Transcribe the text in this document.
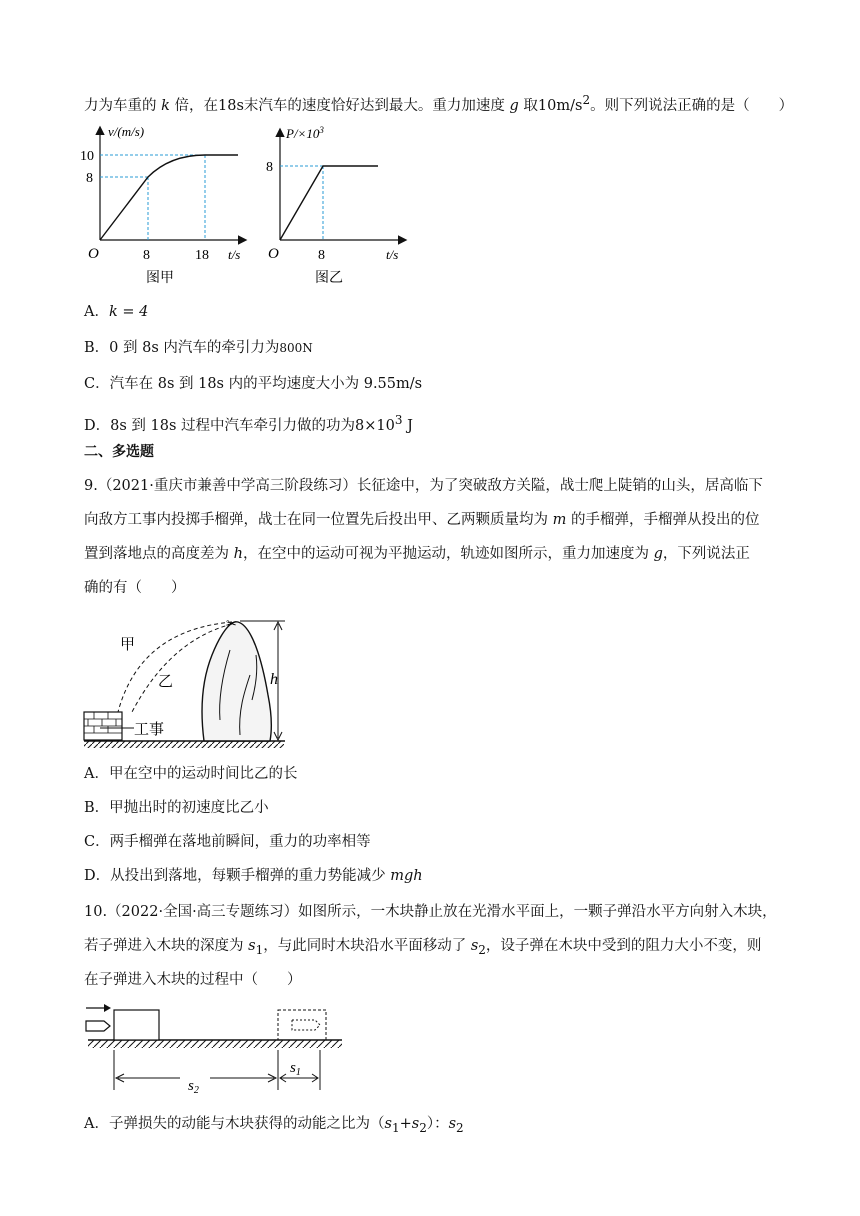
力为车重的 k 倍，在18s末汽车的速度恰好达到最大。重力加速度 g 取$10m/s^2$。则下列说法正确的是（　　）
v/(m/s)
10
8
O	8	18 t/s
图甲
$P/\times 10^3$
8
O	8	t/s
图乙
A．k = 4
B．0 到 8s 内汽车的牵引力为800N
C．汽车在 8s 到 18s 内的平均速度大小为 9.55m/s
D．8s 到 18s 过程中汽车牵引力做的功为$8\times 10^3$ J
二、多选题
9.（2021·重庆市兼善中学高三阶段练习）长征途中，为了突破敌方关隘，战士爬上陡销的山头，居高临下
向敌方工事内投掷手榴弹，战士在同一位置先后投出甲、乙两颗质量均为 m 的手榴弹，手榴弹从投出的位
置到落地点的高度差为 h，在空中的运动可视为平抛运动，轨迹如图所示，重力加速度为 g，下列说法正
确的有（　　）
✂
甲
乙	h
工事
A．甲在空中的运动时间比乙的长
B．甲抛出时的初速度比乙小
C．两手榴弹在落地前瞬间，重力的功率相等
D．从投出到落地，每颗手榴弹的重力势能减少 mgh
10.（2022·全国·高三专题练习）如图所示，一木块静止放在光滑水平面上，一颗子弹沿水平方向射入木块，
若子弹进入木块的深度为 $s_1$，与此同时木块沿水平面移动了 $s_2$，设子弹在木块中受到的阻力大小不变，则
在子弹进入木块的过程中（　　）
$s_2$
$s_1$
A．子弹损失的动能与木块获得的动能之比为$(s_1+s_2)$：$s_2$
